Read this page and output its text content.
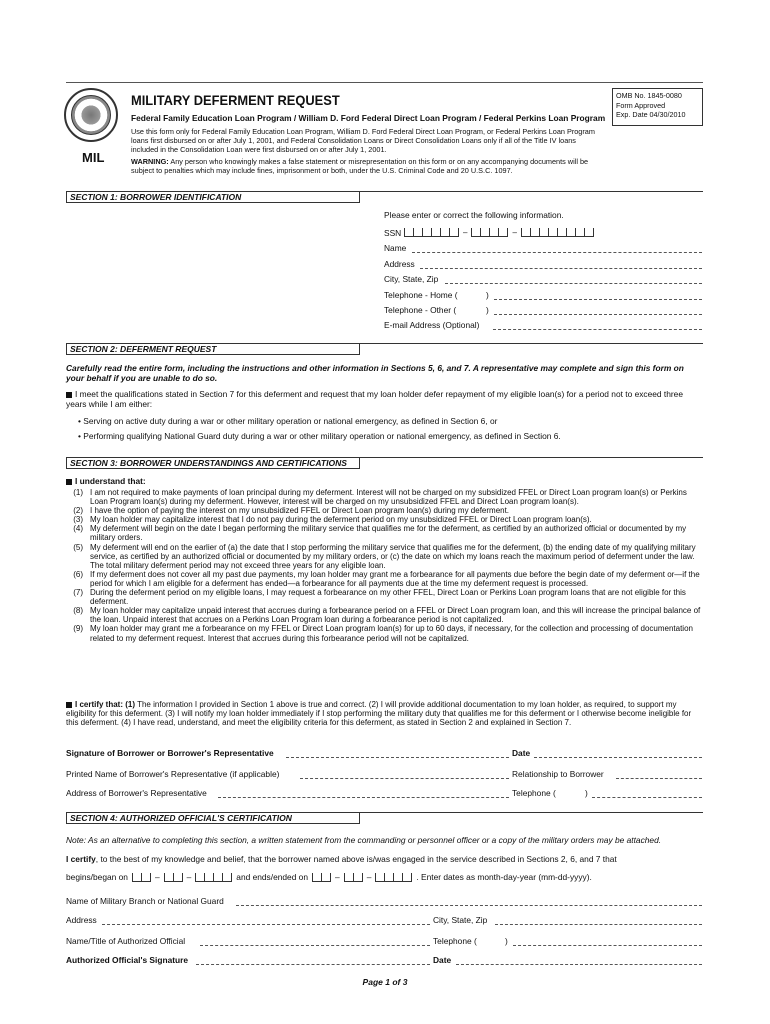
MIL
MILITARY DEFERMENT REQUEST
Federal Family Education Loan Program / William D. Ford Federal Direct Loan Program / Federal Perkins Loan Program
OMB No. 1845-0080
Form Approved
Exp. Date 04/30/2010
Use this form only for Federal Family Education Loan Program, William D. Ford Federal Direct Loan Program, or Federal Perkins Loan Program loans first disbursed on or after July 1, 2001, and Federal Consolidation Loans or Direct Consolidation Loans only if all of the Title IV loans included in the Consolidation Loan were first disbursed on or after July 1, 2001.
WARNING: Any person who knowingly makes a false statement or misrepresentation on this form or on any accompanying documents will be subject to penalties which may include fines, imprisonment or both, under the U.S. Criminal Code and 20 U.S.C. 1097.
SECTION 1: BORROWER IDENTIFICATION
Please enter or correct the following information.
SSN	–	–
Name
Address
City, State, Zip
Telephone - Home (	)
Telephone - Other (	)
E-mail Address (Optional)
SECTION 2: DEFERMENT REQUEST
Carefully read the entire form, including the instructions and other information in Sections 5, 6, and 7. A representative may complete and sign this form on your behalf if you are unable to do so.
I meet the qualifications stated in Section 7 for this deferment and request that my loan holder defer repayment of my eligible loan(s) for a period not to exceed three years while I am either:
• Serving on active duty during a war or other military operation or national emergency, as defined in Section 6, or
• Performing qualifying National Guard duty during a war or other military operation or national emergency, as defined in Section 6.
SECTION 3: BORROWER UNDERSTANDINGS AND CERTIFICATIONS
I understand that:
(1) I am not required to make payments of loan principal during my deferment. Interest will not be charged on my subsidized FFEL or Direct Loan program loan(s) or Perkins Loan Program loan(s) during my deferment. However, interest will be charged on my unsubsidized FFEL and Direct Loan program loan(s).
(2) I have the option of paying the interest on my unsubsidized FFEL or Direct Loan program loan(s) during my deferment.
(3) My loan holder may capitalize interest that I do not pay during the deferment period on my unsubsidized FFEL or Direct Loan program loan(s).
(4) My deferment will begin on the date I began performing the military service that qualifies me for the deferment, as certified by an authorized official or documented by my military orders.
(5) My deferment will end on the earlier of (a) the date that I stop performing the military service that qualifies me for the deferment, (b) the ending date of my qualifying military service, as certified by an authorized official or documented by my military orders, or (c) the date on which my loans reach the maximum period of deferment under the law. The total military deferment period may not exceed three years for any eligible loan.
(6) If my deferment does not cover all my past due payments, my loan holder may grant me a forbearance for all payments due before the begin date of my deferment or—if the period for which I am eligible for a deferment has ended—a forbearance for all payments due at the time my deferment request is processed.
(7) During the deferment period on my eligible loans, I may request a forbearance on my other FFEL, Direct Loan or Perkins Loan program loans that are not eligible for this deferment.
(8) My loan holder may capitalize unpaid interest that accrues during a forbearance period on a FFEL or Direct Loan program loan, and this will increase the principal balance of the loan. Unpaid interest that accrues on a Perkins Loan Program loan during a forbearance period is not capitalized.
(9) My loan holder may grant me a forbearance on my FFEL or Direct Loan program loan(s) for up to 60 days, if necessary, for the collection and processing of documentation related to my deferment request. Interest that accrues during this forbearance period will not be capitalized.
I certify that: (1) The information I provided in Section 1 above is true and correct. (2) I will provide additional documentation to my loan holder, as required, to support my eligibility for this deferment. (3) I will notify my loan holder immediately if I stop performing the military duty that qualifies me for this deferment or I otherwise become ineligible for this deferment. (4) I have read, understand, and meet the eligibility criteria for this deferment, as stated in Section 2 and explained in Section 7.
Signature of Borrower or Borrower's Representative	Date
Printed Name of Borrower's Representative (if applicable)	Relationship to Borrower
Address of Borrower's Representative	Telephone (	)
SECTION 4: AUTHORIZED OFFICIAL'S CERTIFICATION
Note: As an alternative to completing this section, a written statement from the commanding or personnel officer or a copy of the military orders may be attached.
I certify, to the best of my knowledge and belief, that the borrower named above is/was engaged in the service described in Sections 2, 6, and 7 that
begins/began on	–	–	and ends/ended on	–	–	. Enter dates as month-day-year (mm-dd-yyyy).
Name of Military Branch or National Guard
Address	City, State, Zip
Name/Title of Authorized Official	Telephone (	)
Authorized Official's Signature	Date
Page 1 of 3
